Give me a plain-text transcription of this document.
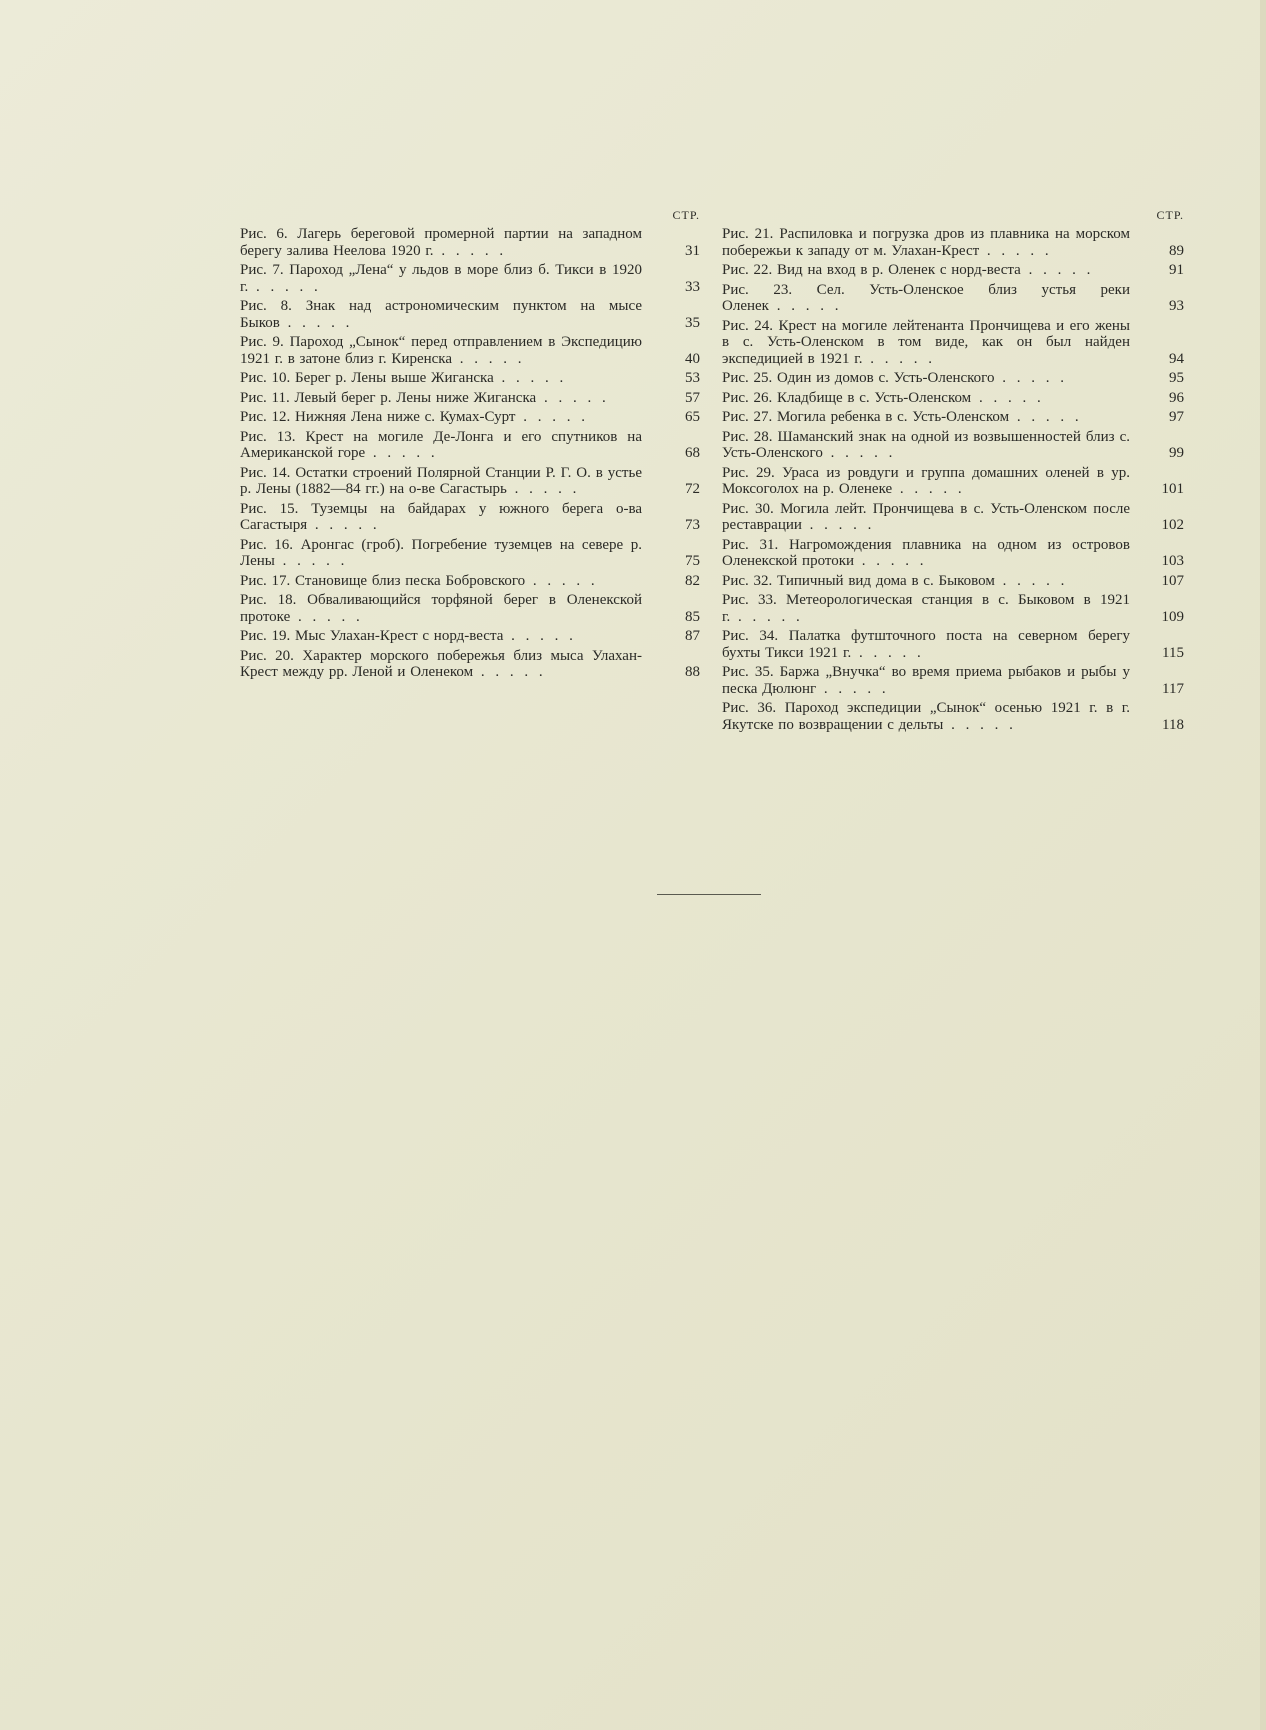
СТР.
Рис. 6. Лагерь береговой промерной партии на западном берегу залива Неелова 1920 г. . . . . .	31
Рис. 7. Пароход „Лена“ у льдов в море близ б. Тикси в 1920 г. . . . . .	33
Рис. 8. Знак над астрономическим пунктом на мысе Быков . . . . .	35
Рис. 9. Пароход „Сынок“ перед отправлением в Экспедицию 1921 г. в затоне близ г. Киренска . . . . .	40
Рис. 10. Берег р. Лены выше Жиганска . . . . .	53
Рис. 11. Левый берег р. Лены ниже Жиганска . . . . .	57
Рис. 12. Нижняя Лена ниже с. Кумах-Сурт . . . . .	65
Рис. 13. Крест на могиле Де-Лонга и его спутников на Американской горе . . . . .	68
Рис. 14. Остатки строений Полярной Станции Р. Г. О. в устье р. Лены (1882—84 гг.) на о-ве Сагастырь . . . . .	72
Рис. 15. Туземцы на байдарах у южного берега о-ва Сагастыря . . . . .	73
Рис. 16. Аронгас (гроб). Погребение туземцев на севере р. Лены . . . . .	75
Рис. 17. Становище близ песка Бобровского . . . . .	82
Рис. 18. Обваливающийся торфяной берег в Оленекской протоке . . . . .	85
Рис. 19. Мыс Улахан-Крест с норд-веста . . . . .	87
Рис. 20. Характер морского побережья близ мыса Улахан-Крест между рр. Леной и Оленеком . . . . .	88
СТР.
Рис. 21. Распиловка и погрузка дров из плавника на морском побережьи к западу от м. Улахан-Крест . . . . .	89
Рис. 22. Вид на вход в р. Оленек с норд-веста . . . . .	91
Рис. 23. Сел. Усть-Оленское близ устья реки Оленек . . . . .	93
Рис. 24. Крест на могиле лейтенанта Прончищева и его жены в с. Усть-Оленском в том виде, как он был найден экспедицией в 1921 г. . . . . .	94
Рис. 25. Один из домов с. Усть-Оленского . . . . .	95
Рис. 26. Кладбище в с. Усть-Оленском . . . . .	96
Рис. 27. Могила ребенка в с. Усть-Оленском . . . . .	97
Рис. 28. Шаманский знак на одной из возвышенностей близ с. Усть-Оленского . . . . .	99
Рис. 29. Ураса из ровдуги и группа домашних оленей в ур. Моксоголох на р. Оленеке . . . . .	101
Рис. 30. Могила лейт. Прончищева в с. Усть-Оленском после реставрации . . . . .	102
Рис. 31. Нагромождения плавника на одном из островов Оленекской протоки . . . . .	103
Рис. 32. Типичный вид дома в с. Быковом . . . . .	107
Рис. 33. Метеорологическая станция в с. Быковом в 1921 г. . . . . .	109
Рис. 34. Палатка футшточного поста на северном берегу бухты Тикси 1921 г. . . . . .	115
Рис. 35. Баржа „Внучка“ во время приема рыбаков и рыбы у песка Дюлюнг . . . . .	117
Рис. 36. Пароход экспедиции „Сынок“ осенью 1921 г. в г. Якутске по возвращении с дельты . . . . .	118
